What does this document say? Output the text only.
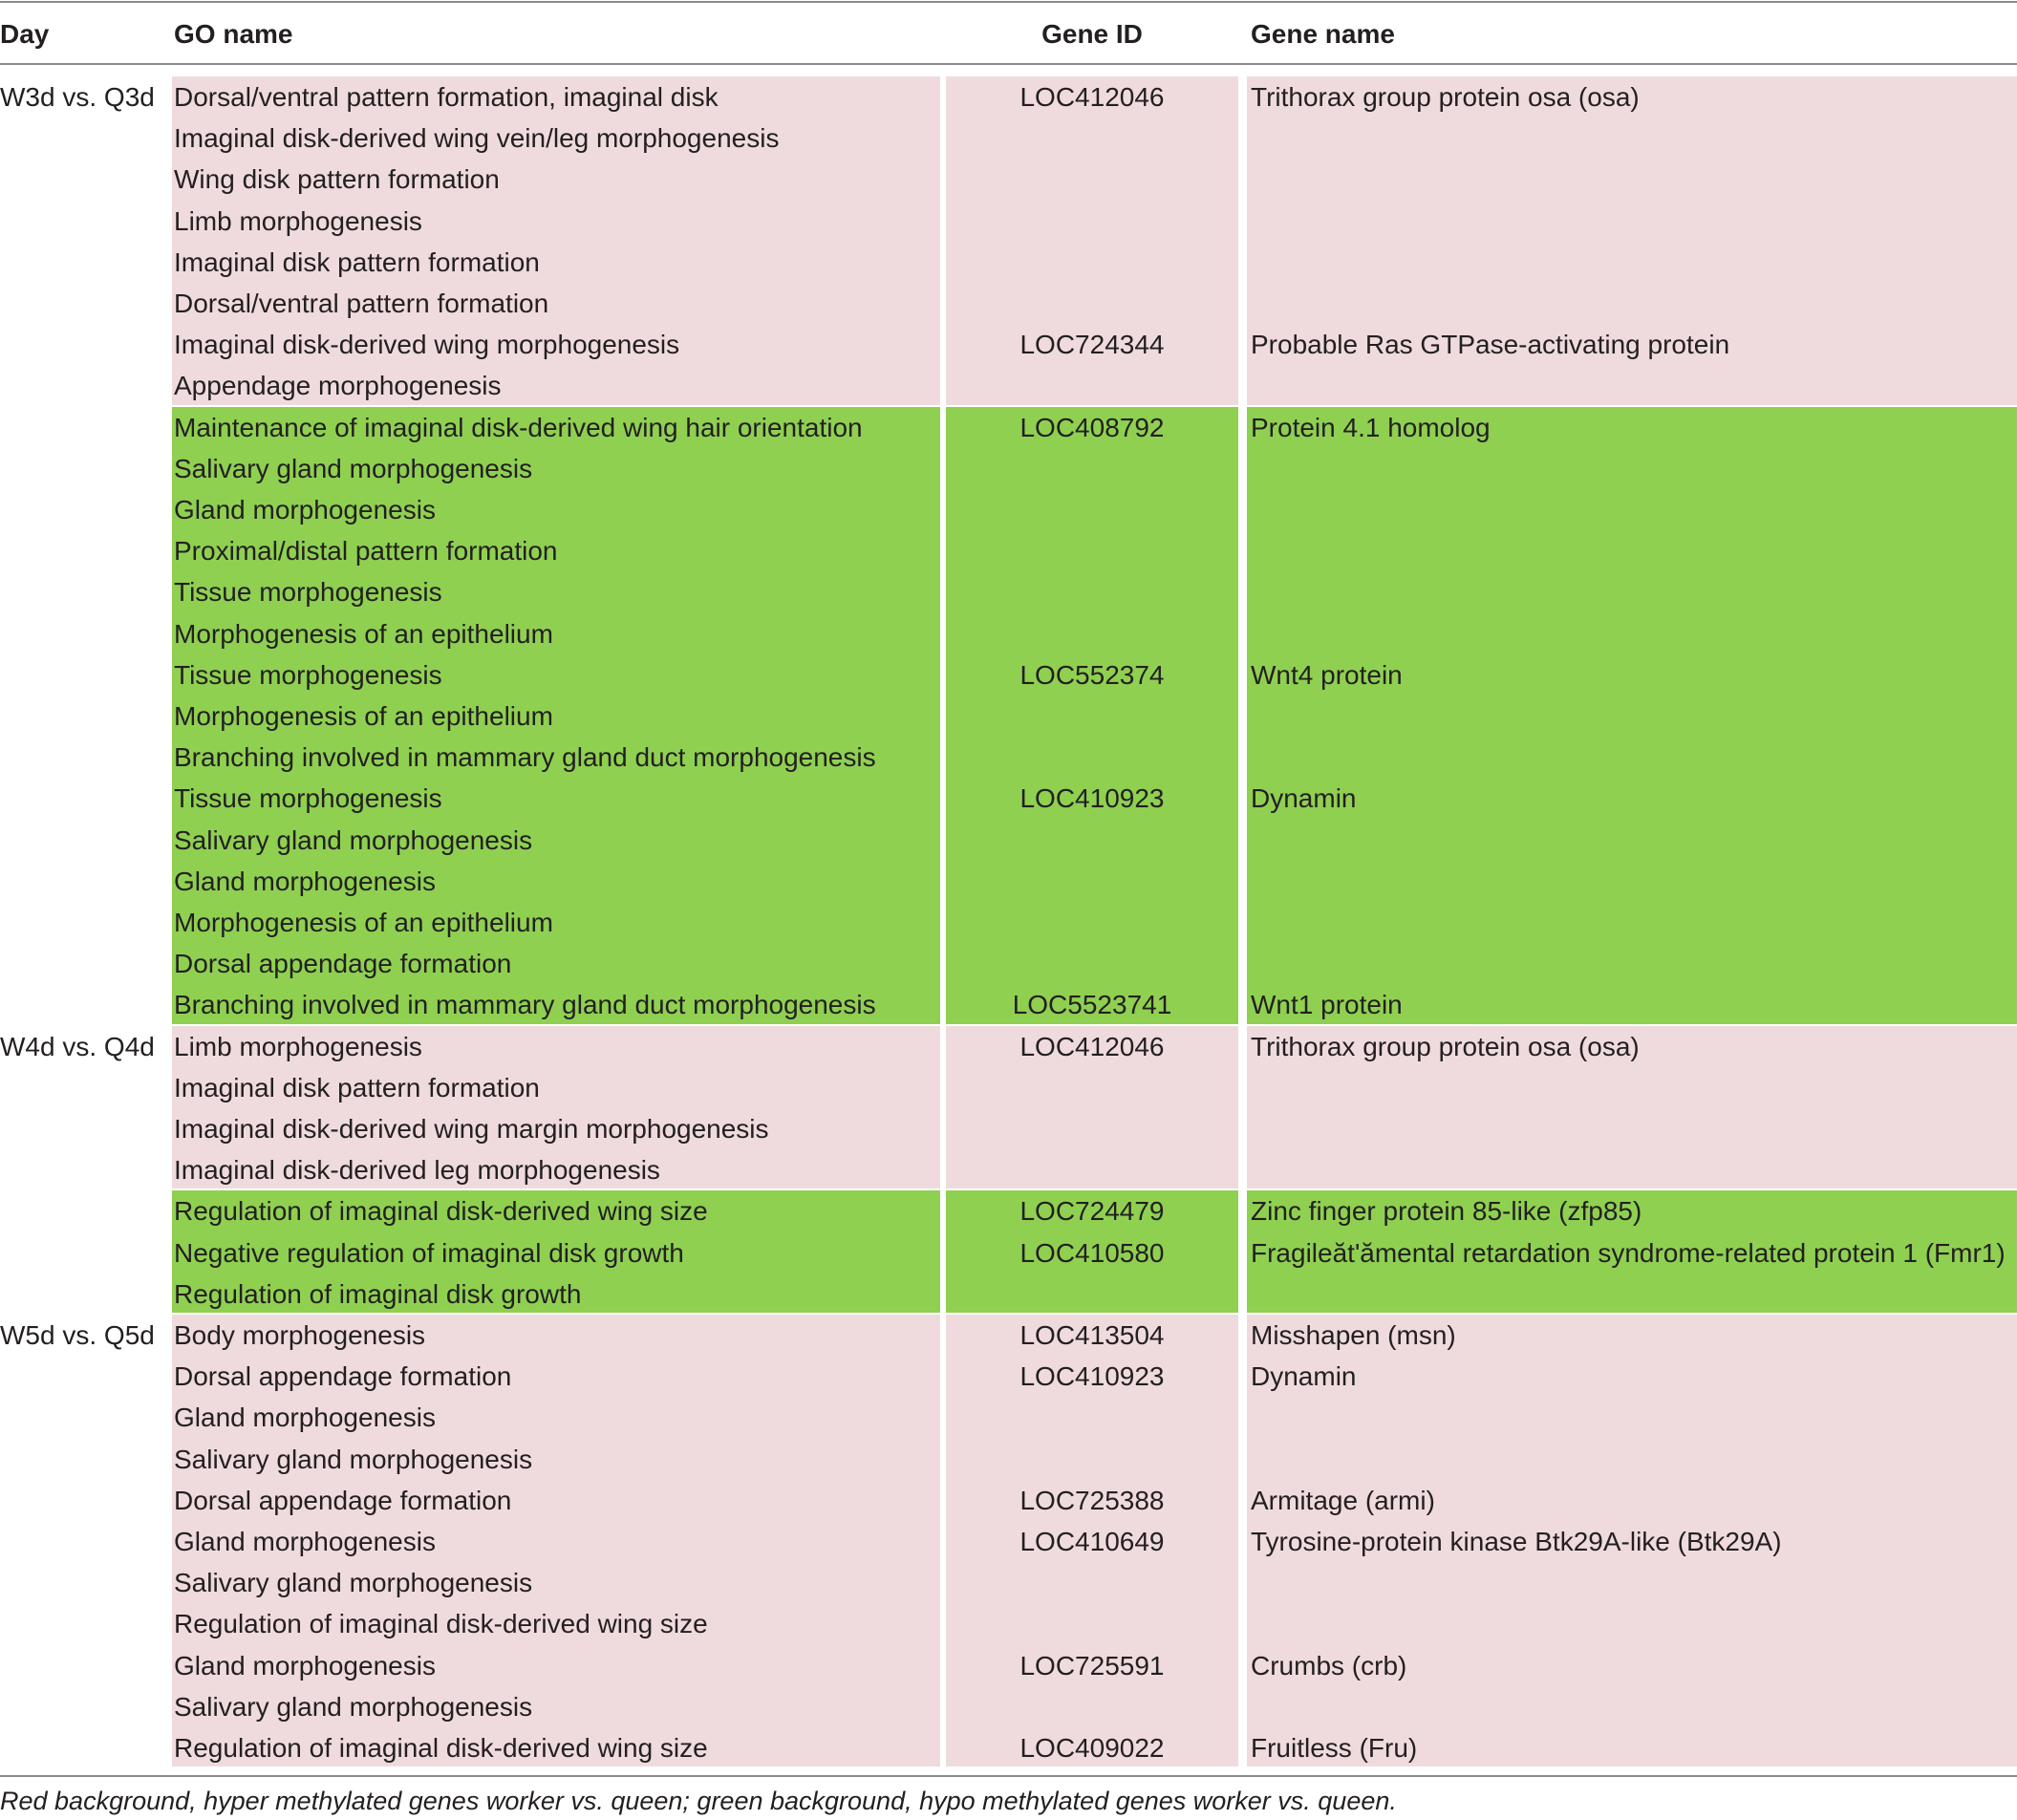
Day	GO name	Gene ID	Gene name
W3d vs. Q3d Dorsal/ventral pattern formation, imaginal disk	LOC412046	Trithorax group protein osa (osa)
Imaginal disk-derived wing vein/leg morphogenesis
Wing disk pattern formation
Limb morphogenesis
Imaginal disk pattern formation
Dorsal/ventral pattern formation
Imaginal disk-derived wing morphogenesis	LOC724344	Probable Ras GTPase-activating protein
Appendage morphogenesis
Maintenance of imaginal disk-derived wing hair orientation	LOC408792	Protein 4.1 homolog
Salivary gland morphogenesis
Gland morphogenesis
Proximal/distal pattern formation
Tissue morphogenesis
Morphogenesis of an epithelium
Tissue morphogenesis	LOC552374	Wnt4 protein
Morphogenesis of an epithelium
Branching involved in mammary gland duct morphogenesis
Tissue morphogenesis	LOC410923	Dynamin
Salivary gland morphogenesis
Gland morphogenesis
Morphogenesis of an epithelium
Dorsal appendage formation
Branching involved in mammary gland duct morphogenesis	LOC5523741	Wnt1 protein
W4d vs. Q4d Limb morphogenesis	LOC412046	Trithorax group protein osa (osa)
Imaginal disk pattern formation
Imaginal disk-derived wing margin morphogenesis
Imaginal disk-derived leg morphogenesis
Regulation of imaginal disk-derived wing size	LOC724479	Zinc finger protein 85-like (zfp85)
Negative regulation of imaginal disk growth	LOC410580	Fragileăt'ămental retardation syndrome-related protein 1 (Fmr1)
Regulation of imaginal disk growth
W5d vs. Q5d Body morphogenesis	LOC413504	Misshapen (msn)
Dorsal appendage formation	LOC410923	Dynamin
Gland morphogenesis
Salivary gland morphogenesis
Dorsal appendage formation	LOC725388	Armitage (armi)
Gland morphogenesis	LOC410649	Tyrosine-protein kinase Btk29A-like (Btk29A)
Salivary gland morphogenesis
Regulation of imaginal disk-derived wing size
Gland morphogenesis	LOC725591	Crumbs (crb)
Salivary gland morphogenesis
Regulation of imaginal disk-derived wing size	LOC409022	Fruitless (Fru)
Red background, hyper methylated genes worker vs. queen; green background, hypo methylated genes worker vs. queen.
